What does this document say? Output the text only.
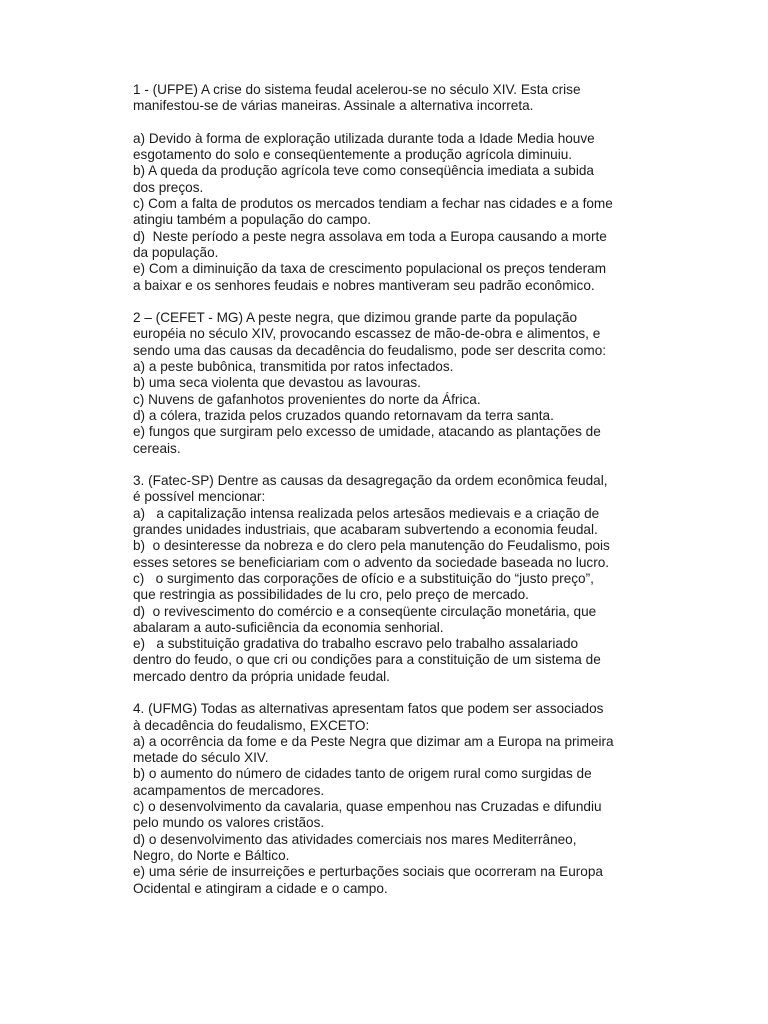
1 - (UFPE) A crise do sistema feudal acelerou-se no século XIV. Esta crise
manifestou-se de várias maneiras. Assinale a alternativa incorreta.
a) Devido à forma de exploração utilizada durante toda a Idade Media houve
esgotamento do solo e conseqüentemente a produção agrícola diminuiu.
b) A queda da produção agrícola teve como conseqüência imediata a subida
dos preços.
c) Com a falta de produtos os mercados tendiam a fechar nas cidades e a fome
atingiu também a população do campo.
d)  Neste período a peste negra assolava em toda a Europa causando a morte
da população.
e) Com a diminuição da taxa de crescimento populacional os preços tenderam
a baixar e os senhores feudais e nobres mantiveram seu padrão econômico.
2 – (CEFET - MG) A peste negra, que dizimou grande parte da população
européia no século XIV, provocando escassez de mão-de-obra e alimentos, e
sendo uma das causas da decadência do feudalismo, pode ser descrita como:
a) a peste bubônica, transmitida por ratos infectados.
b) uma seca violenta que devastou as lavouras.
c) Nuvens de gafanhotos provenientes do norte da África.
d) a cólera, trazida pelos cruzados quando retornavam da terra santa.
e) fungos que surgiram pelo excesso de umidade, atacando as plantações de
cereais.
3. (Fatec-SP) Dentre as causas da desagregação da ordem econômica feudal,
é possível mencionar:
a)   a capitalização intensa realizada pelos artesãos medievais e a criação de
grandes unidades industriais, que acabaram subvertendo a economia feudal.
b)  o desinteresse da nobreza e do clero pela manutenção do Feudalismo, pois
esses setores se beneficiariam com o advento da sociedade baseada no lucro.
c)   o surgimento das corporações de ofício e a substituição do “justo preço”,
que restringia as possibilidades de lu cro, pelo preço de mercado.
d)  o revivescimento do comércio e a conseqüente circulação monetária, que
abalaram a auto-suficiência da economia senhorial.
e)   a substituição gradativa do trabalho escravo pelo trabalho assalariado
dentro do feudo, o que cri ou condições para a constituição de um sistema de
mercado dentro da própria unidade feudal.
4. (UFMG) Todas as alternativas apresentam fatos que podem ser associados
à decadência do feudalismo, EXCETO:
a) a ocorrência da fome e da Peste Negra que dizimar am a Europa na primeira
metade do século XIV.
b) o aumento do número de cidades tanto de origem rural como surgidas de
acampamentos de mercadores.
c) o desenvolvimento da cavalaria, quase empenhou nas Cruzadas e difundiu
pelo mundo os valores cristãos.
d) o desenvolvimento das atividades comerciais nos mares Mediterrâneo,
Negro, do Norte e Báltico.
e) uma série de insurreições e perturbações sociais que ocorreram na Europa
Ocidental e atingiram a cidade e o campo.
